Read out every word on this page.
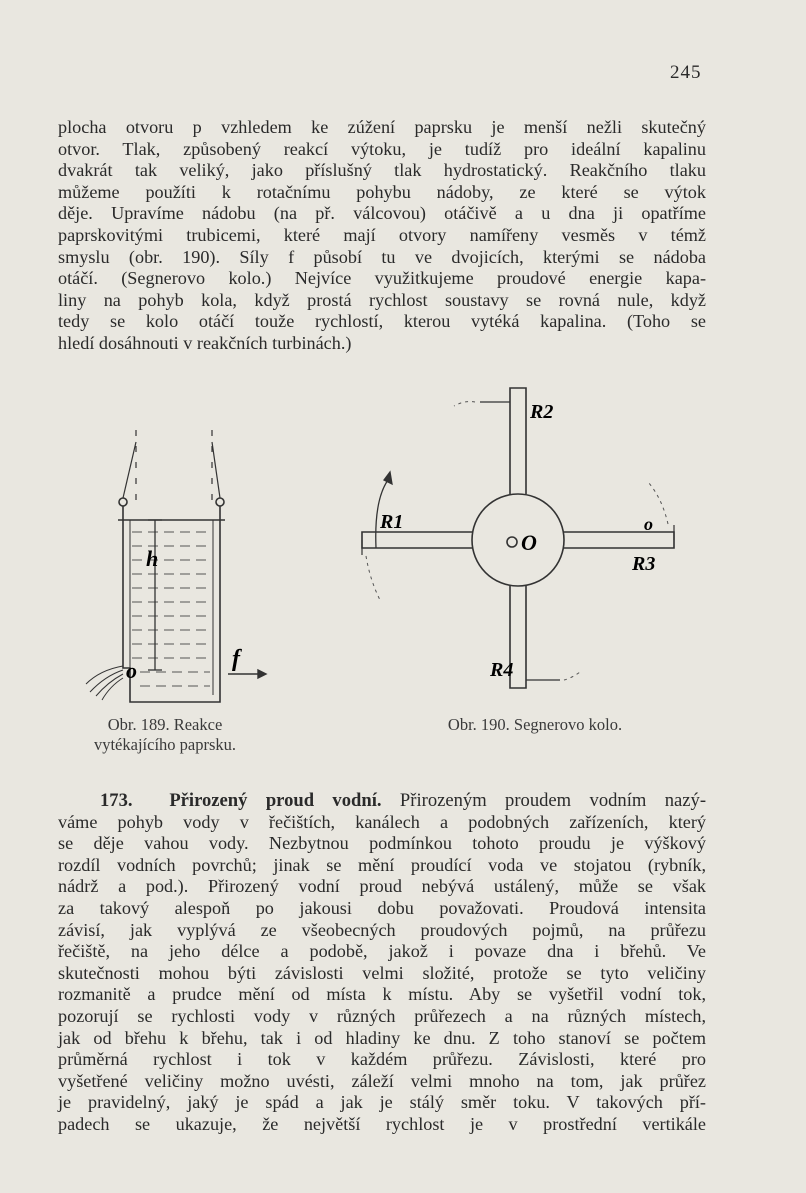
245
plocha otvoru p vzhledem ke zúžení paprsku je menší nežli skutečný
otvor. Tlak, způsobený reakcí výtoku, je tudíž pro ideální kapalinu
dvakrát tak veliký, jako příslušný tlak hydrostatický. Reakčního tlaku
můžeme použíti k rotačnímu pohybu nádoby, ze které se výtok
děje. Upravíme nádobu (na př. válcovou) otáčivě a u dna ji opatříme
paprskovitými trubicemi, které mají otvory namířeny vesměs v témž
smyslu (obr. 190). Síly f působí tu ve dvojicích, kterými se nádoba
otáčí. (Segnerovo kolo.) Nejvíce využitkujeme proudové energie kapa-
liny na pohyb kola, když prostá rychlost soustavy se rovná nule, když
tedy se kolo otáčí touže rychlostí, kterou vytéká kapalina. (Toho se
hledí dosáhnouti v reakčních turbinách.)
h
o	f
Obr. 189. Reakce
vytékajícího paprsku.
O
R1
R2
R3
R4
o
Obr. 190. Segnerovo kolo.
173. Přirozený proud vodní. Přirozeným proudem vodním nazý-
váme pohyb vody v řečištích, kanálech a podobných zařízeních, který
se děje vahou vody. Nezbytnou podmínkou tohoto proudu je výškový
rozdíl vodních povrchů; jinak se mění proudící voda ve stojatou (rybník,
nádrž a pod.). Přirozený vodní proud nebývá ustálený, může se však
za takový alespoň po jakousi dobu považovati. Proudová intensita
závisí, jak vyplývá ze všeobecných proudových pojmů, na průřezu
řečiště, na jeho délce a podobě, jakož i povaze dna i břehů. Ve
skutečnosti mohou býti závislosti velmi složité, protože se tyto veličiny
rozmanitě a prudce mění od místa k místu. Aby se vyšetřil vodní tok,
pozorují se rychlosti vody v různých průřezech a na různých místech,
jak od břehu k břehu, tak i od hladiny ke dnu. Z toho stanoví se počtem
průměrná rychlost i tok v každém průřezu. Závislosti, které pro
vyšetřené veličiny možno uvésti, záleží velmi mnoho na tom, jak průřez
je pravidelný, jaký je spád a jak je stálý směr toku. V takových pří-
padech se ukazuje, že největší rychlost je v prostřední vertikále
